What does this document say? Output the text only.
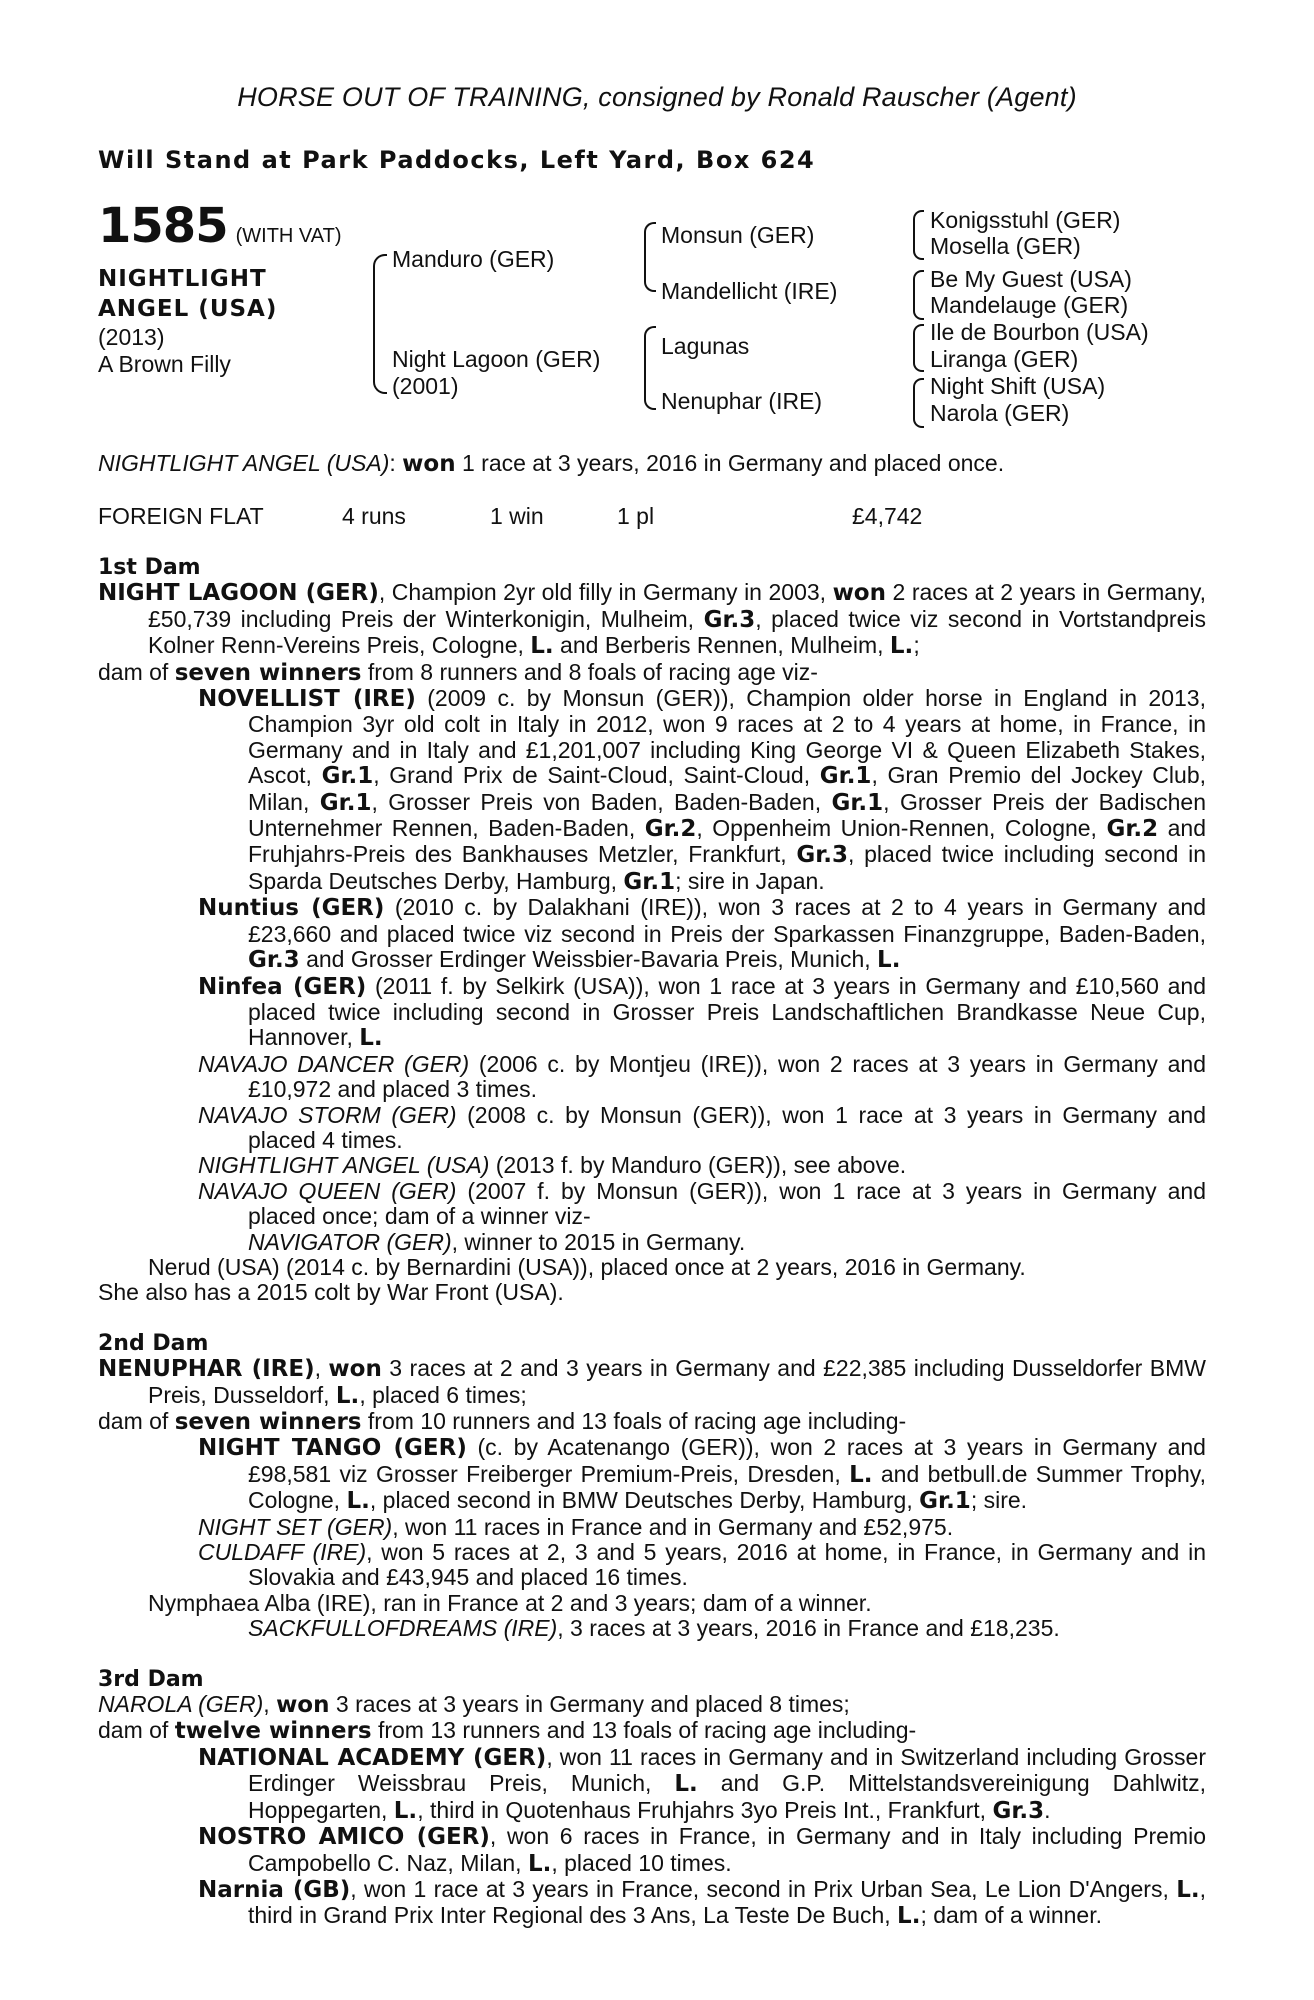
HORSE OUT OF TRAINING, consigned by Ronald Rauscher (Agent)
Will Stand at Park Paddocks, Left Yard, Box 624
1585 (WITH VAT)
NIGHTLIGHT
ANGEL (USA)
(2013)
A Brown Filly
Manduro (GER)
Night Lagoon (GER)
(2001)
Monsun (GER)
Mandellicht (IRE)
Lagunas
Nenuphar (IRE)
Konigsstuhl (GER)
Mosella (GER)
Be My Guest (USA)
Mandelauge (GER)
Ile de Bourbon (USA)
Liranga (GER)
Night Shift (USA)
Narola (GER)
NIGHTLIGHT ANGEL (USA): won 1 race at 3 years, 2016 in Germany and placed once.
FOREIGN FLAT	4 runs	1 win	1 pl	£4,742
1st Dam
NIGHT LAGOON (GER), Champion 2yr old filly in Germany in 2003, won 2 races at 2 years in Germany, £50,739 including Preis der Winterkonigin, Mulheim, Gr.3, placed twice viz second in Vortstandpreis Kolner Renn-Vereins Preis, Cologne, L. and Berberis Rennen, Mulheim, L.;
dam of seven winners from 8 runners and 8 foals of racing age viz-
NOVELLIST (IRE) (2009 c. by Monsun (GER)), Champion older horse in England in 2013, Champion 3yr old colt in Italy in 2012, won 9 races at 2 to 4 years at home, in France, in Germany and in Italy and £1,201,007 including King George VI & Queen Elizabeth Stakes, Ascot, Gr.1, Grand Prix de Saint-Cloud, Saint-Cloud, Gr.1, Gran Premio del Jockey Club, Milan, Gr.1, Grosser Preis von Baden, Baden-Baden, Gr.1, Grosser Preis der Badischen Unternehmer Rennen, Baden-Baden, Gr.2, Oppenheim Union-Rennen, Cologne, Gr.2 and Fruhjahrs-Preis des Bankhauses Metzler, Frankfurt, Gr.3, placed twice including second in Sparda Deutsches Derby, Hamburg, Gr.1; sire in Japan.
Nuntius (GER) (2010 c. by Dalakhani (IRE)), won 3 races at 2 to 4 years in Germany and £23,660 and placed twice viz second in Preis der Sparkassen Finanzgruppe, Baden-Baden, Gr.3 and Grosser Erdinger Weissbier-Bavaria Preis, Munich, L.
Ninfea (GER) (2011 f. by Selkirk (USA)), won 1 race at 3 years in Germany and £10,560 and placed twice including second in Grosser Preis Landschaftlichen Brandkasse Neue Cup, Hannover, L.
NAVAJO DANCER (GER) (2006 c. by Montjeu (IRE)), won 2 races at 3 years in Germany and £10,972 and placed 3 times.
NAVAJO STORM (GER) (2008 c. by Monsun (GER)), won 1 race at 3 years in Germany and placed 4 times.
NIGHTLIGHT ANGEL (USA) (2013 f. by Manduro (GER)), see above.
NAVAJO QUEEN (GER) (2007 f. by Monsun (GER)), won 1 race at 3 years in Germany and placed once; dam of a winner viz-
NAVIGATOR (GER), winner to 2015 in Germany.
Nerud (USA) (2014 c. by Bernardini (USA)), placed once at 2 years, 2016 in Germany.
She also has a 2015 colt by War Front (USA).
2nd Dam
NENUPHAR (IRE), won 3 races at 2 and 3 years in Germany and £22,385 including Dusseldorfer BMW Preis, Dusseldorf, L., placed 6 times;
dam of seven winners from 10 runners and 13 foals of racing age including-
NIGHT TANGO (GER) (c. by Acatenango (GER)), won 2 races at 3 years in Germany and £98,581 viz Grosser Freiberger Premium-Preis, Dresden, L. and betbull.de Summer Trophy, Cologne, L., placed second in BMW Deutsches Derby, Hamburg, Gr.1; sire.
NIGHT SET (GER), won 11 races in France and in Germany and £52,975.
CULDAFF (IRE), won 5 races at 2, 3 and 5 years, 2016 at home, in France, in Germany and in Slovakia and £43,945 and placed 16 times.
Nymphaea Alba (IRE), ran in France at 2 and 3 years; dam of a winner.
SACKFULLOFDREAMS (IRE), 3 races at 3 years, 2016 in France and £18,235.
3rd Dam
NAROLA (GER), won 3 races at 3 years in Germany and placed 8 times;
dam of twelve winners from 13 runners and 13 foals of racing age including-
NATIONAL ACADEMY (GER), won 11 races in Germany and in Switzerland including Grosser Erdinger Weissbrau Preis, Munich, L. and G.P. Mittelstandsvereinigung Dahlwitz, Hoppegarten, L., third in Quotenhaus Fruhjahrs 3yo Preis Int., Frankfurt, Gr.3.
NOSTRO AMICO (GER), won 6 races in France, in Germany and in Italy including Premio Campobello C. Naz, Milan, L., placed 10 times.
Narnia (GB), won 1 race at 3 years in France, second in Prix Urban Sea, Le Lion D'Angers, L., third in Grand Prix Inter Regional des 3 Ans, La Teste De Buch, L.; dam of a winner.
